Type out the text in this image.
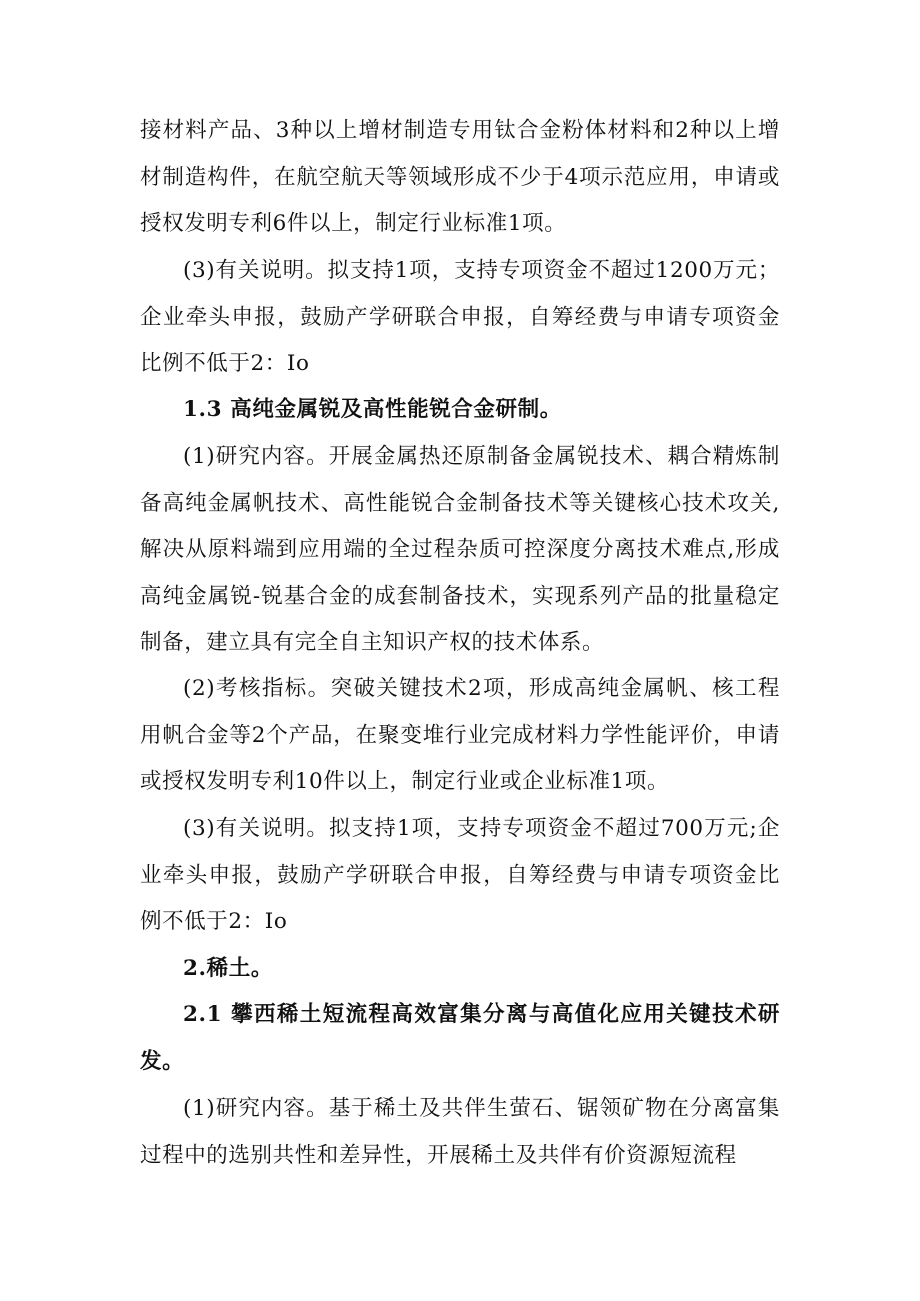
接材料产品、3种以上增材制造专用钛合金粉体材料和2种以上增材制造构件，在航空航天等领域形成不少于4项示范应用，申请或授权发明专利6件以上，制定行业标准1项。

(3)有关说明。拟支持1项，支持专项资金不超过1200万元；企业牵头申报，鼓励产学研联合申报，自筹经费与申请专项资金比例不低于2：Io

1.3 高纯金属锐及高性能锐合金研制。

(1)研究内容。开展金属热还原制备金属锐技术、耦合精炼制备高纯金属帆技术、高性能锐合金制备技术等关键核心技术攻关,解决从原料端到应用端的全过程杂质可控深度分离技术难点,形成高纯金属锐-锐基合金的成套制备技术，实现系列产品的批量稳定制备，建立具有完全自主知识产权的技术体系。

(2)考核指标。突破关键技术2项，形成高纯金属帆、核工程用帆合金等2个产品，在聚变堆行业完成材料力学性能评价，申请或授权发明专利10件以上，制定行业或企业标准1项。

(3)有关说明。拟支持1项，支持专项资金不超过700万元;企业牵头申报，鼓励产学研联合申报，自筹经费与申请专项资金比例不低于2：Io

2.稀土。

2.1 攀西稀土短流程高效富集分离与高值化应用关键技术研发。

(1)研究内容。基于稀土及共伴生萤石、锯领矿物在分离富集过程中的选别共性和差异性，开展稀土及共伴有价资源短流程
